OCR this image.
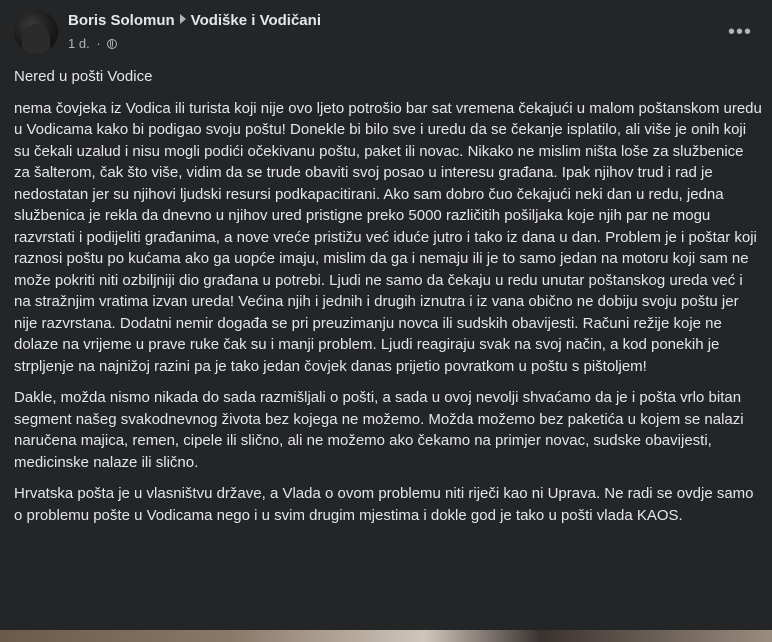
Boris Solomun Vodiške i Vodičani
1 d. ·
•••

Nered u pošti Vodice

nema čovjeka iz Vodica ili turista koji nije ovo ljeto potrošio bar sat vremena čekajući u malom poštanskom uredu u Vodicama kako bi podigao svoju poštu! Donekle bi bilo sve i uredu da se čekanje isplatilo, ali više je onih koji su čekali uzalud i nisu mogli podići očekivanu poštu, paket ili novac. Nikako ne mislim ništa loše za službenice za šalterom, čak što više, vidim da se trude obaviti svoj posao u interesu građana. Ipak njihov trud i rad je nedostatan jer su njihovi ljudski resursi podkapacitirani. Ako sam dobro čuo čekajući neki dan u redu, jedna službenica je rekla da dnevno u njihov ured pristigne preko 5000 različitih pošiljaka koje njih par ne mogu razvrstati i podijeliti građanima, a nove vreće pristižu već iduće jutro i tako iz dana u dan. Problem je i poštar koji raznosi poštu po kućama ako ga uopće imaju, mislim da ga i nemaju ili je to samo jedan na motoru koji sam ne može pokriti niti ozbiljniji dio građana u potrebi. Ljudi ne samo da čekaju u redu unutar poštanskog ureda već i na stražnjim vratima izvan ureda! Većina njih i jednih i drugih iznutra i iz vana obično ne dobiju svoju poštu jer nije razvrstana. Dodatni nemir događa se pri preuzimanju novca ili sudskih obavijesti. Računi režije koje ne dolaze na vrijeme u prave ruke čak su i manji problem. Ljudi reagiraju svak na svoj način, a kod ponekih je strpljenje na najnižoj razini pa je tako jedan čovjek danas prijetio povratkom u poštu s pištoljem!

Dakle, možda nismo nikada do sada razmišljali o pošti, a sada u ovoj nevolji shvaćamo da je i pošta vrlo bitan segment našeg svakodnevnog života bez kojega ne možemo. Možda možemo bez paketića u kojem se nalazi naručena majica, remen, cipele ili slično, ali ne možemo ako čekamo na primjer novac, sudske obavijesti, medicinske nalaze ili slično.

Hrvatska pošta je u vlasništvu države, a Vlada o ovom problemu niti riječi kao ni Uprava. Ne radi se ovdje samo o problemu pošte u Vodicama nego i u svim drugim mjestima i dokle god je tako u pošti vlada KAOS.
